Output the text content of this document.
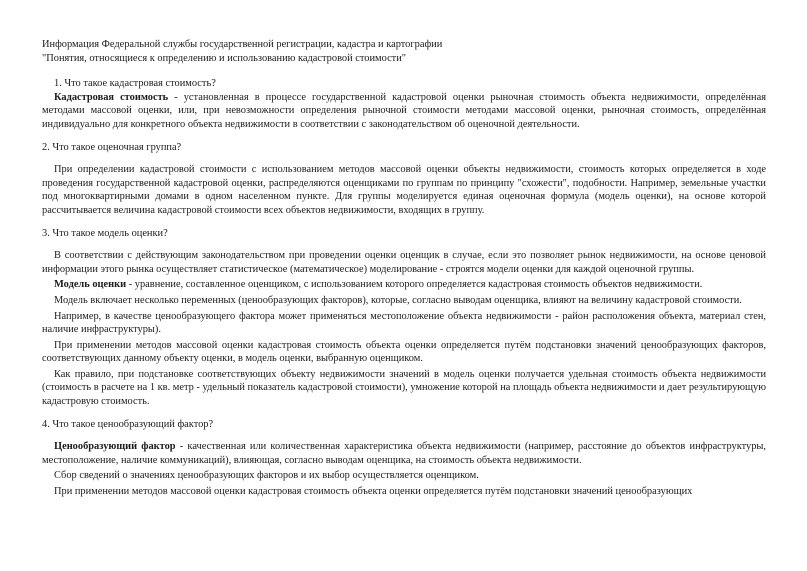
Информация Федеральной службы государственной регистрации, кадастра и картографии

"Понятия, относящиеся к определению и использованию кадастровой стоимости"

1. Что такое кадастровая стоимость?

Кадастровая стоимость - установленная в процессе государственной кадастровой оценки рыночная стоимость объекта недвижимости, определённая методами массовой оценки, или, при невозможности определения рыночной стоимости методами массовой оценки, рыночная стоимость, определённая индивидуально для конкретного объекта недвижимости в соответствии с законодательством об оценочной деятельности.

2. Что такое оценочная группа?

При определении кадастровой стоимости с использованием методов массовой оценки объекты недвижимости, стоимость которых определяется в ходе проведения государственной кадастровой оценки, распределяются оценщиками по группам по принципу "схожести", подобности. Например, земельные участки под многоквартирными домами в одном населенном пункте. Для группы моделируется единая оценочная формула (модель оценки), на основе которой рассчитывается величина кадастровой стоимости всех объектов недвижимости, входящих в группу.

3. Что такое модель оценки?

В соответствии с действующим законодательством при проведении оценки оценщик в случае, если это позволяет рынок недвижимости, на основе ценовой информации этого рынка осуществляет статистическое (математическое) моделирование - строятся модели оценки для каждой оценочной группы.

Модель оценки - уравнение, составленное оценщиком, с использованием которого определяется кадастровая стоимость объектов недвижимости.

Модель включает несколько переменных (ценообразующих факторов), которые, согласно выводам оценщика, влияют на величину кадастровой стоимости.

Например, в качестве ценообразующего фактора может применяться местоположение объекта недвижимости - район расположения объекта, материал стен, наличие инфраструктуры).

При применении методов массовой оценки кадастровая стоимость объекта оценки определяется путём подстановки значений ценообразующих факторов, соответствующих данному объекту оценки, в модель оценки, выбранную оценщиком.

Как правило, при подстановке соответствующих объекту недвижимости значений в модель оценки получается удельная стоимость объекта недвижимости (стоимость в расчете на 1 кв. метр - удельный показатель кадастровой стоимости), умножение которой на площадь объекта недвижимости и дает результирующую кадастровую стоимость.

4. Что такое ценообразующий фактор?

Ценообразующий фактор - качественная или количественная характеристика объекта недвижимости (например, расстояние до объектов инфраструктуры, местоположение, наличие коммуникаций), влияющая, согласно выводам оценщика, на стоимость объекта недвижимости.

Сбор сведений о значениях ценообразующих факторов и их выбор осуществляется оценщиком.

При применении методов массовой оценки кадастровая стоимость объекта оценки определяется путём подстановки значений ценообразующих
